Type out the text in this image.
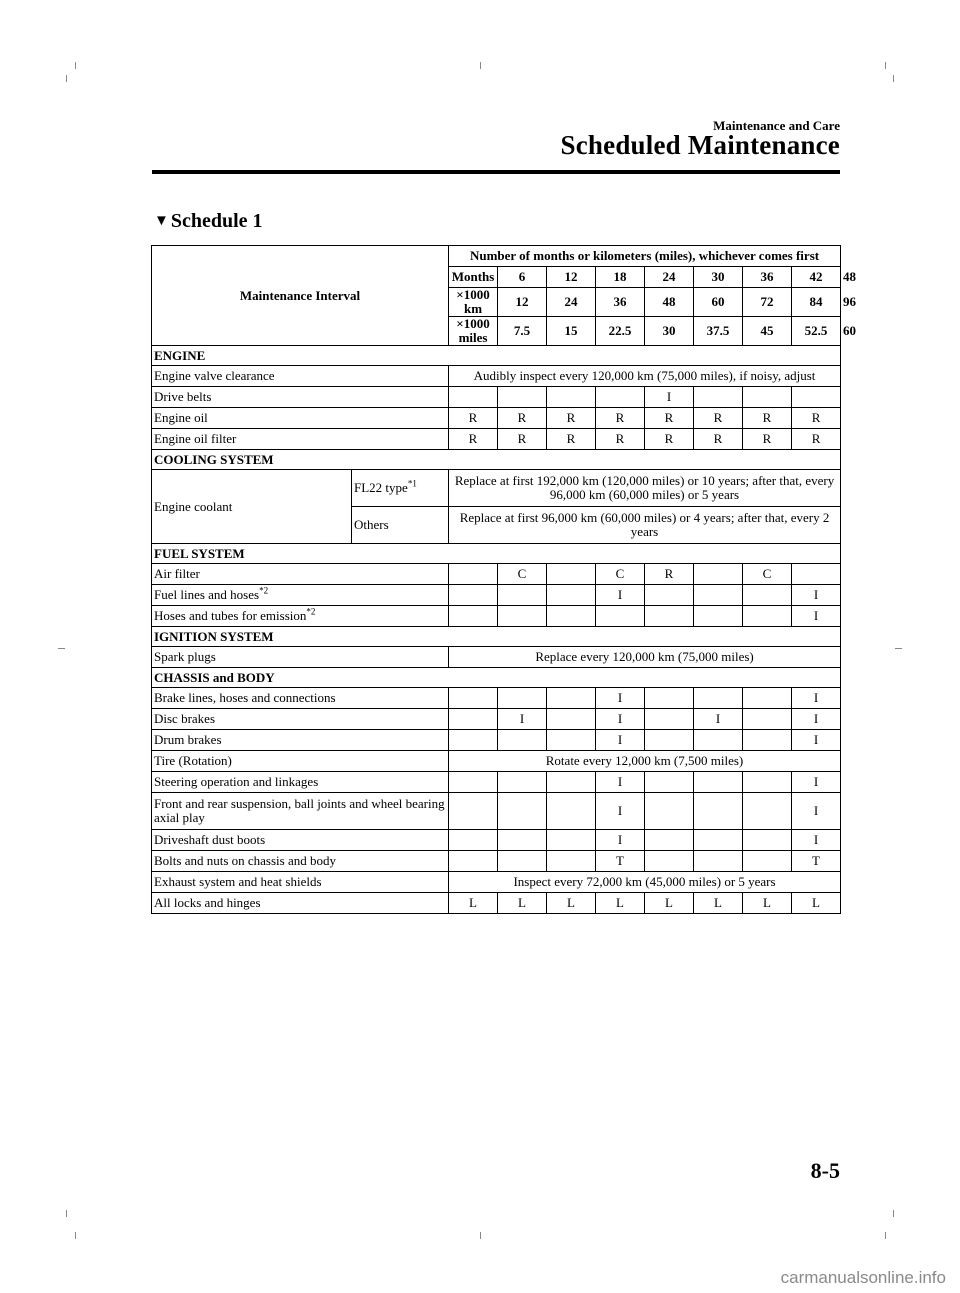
Maintenance and Care
Scheduled Maintenance
▼ Schedule 1
Maintenance Interval		Number of months or kilometers (miles), whichever comes first								
		Months	6	12	18	24	30	36	42	48
		×1000 km	12	24	36	48	60	72	84	96
		×1000 miles	7.5	15	22.5	30	37.5	45	52.5	60
ENGINE										
Engine valve clearance		Audibly inspect every 120,000 km (75,000 miles), if noisy, adjust								
Drive belts						I				
Engine oil		R	R	R	R	R	R	R	R	
Engine oil filter		R	R	R	R	R	R	R	R	
COOLING SYSTEM										
Engine coolant	FL22 type$^{*1}$	Replace at first 192,000 km (120,000 miles) or 10 years; after that, every 96,000 km (60,000 miles) or 5 years								
	Others	Replace at first 96,000 km (60,000 miles) or 4 years; after that, every 2 years								
FUEL SYSTEM										
Air filter			C		C	R		C		
Fuel lines and hoses$^{*2}$					I				I	
Hoses and tubes for emission$^{*2}$									I	
IGNITION SYSTEM										
Spark plugs		Replace every 120,000 km (75,000 miles)								
CHASSIS and BODY										
Brake lines, hoses and connections					I				I	
Disc brakes			I		I		I		I	
Drum brakes					I				I	
Tire (Rotation)		Rotate every 12,000 km (7,500 miles)								
Steering operation and linkages					I				I	
Front and rear suspension, ball joints and wheel bearing axial play					I				I	
Driveshaft dust boots					I				I	
Bolts and nuts on chassis and body					T				T	
Exhaust system and heat shields		Inspect every 72,000 km (45,000 miles) or 5 years								
All locks and hinges		L	L	L	L	L	L	L	L	
8-5
carmanualsonline.info
